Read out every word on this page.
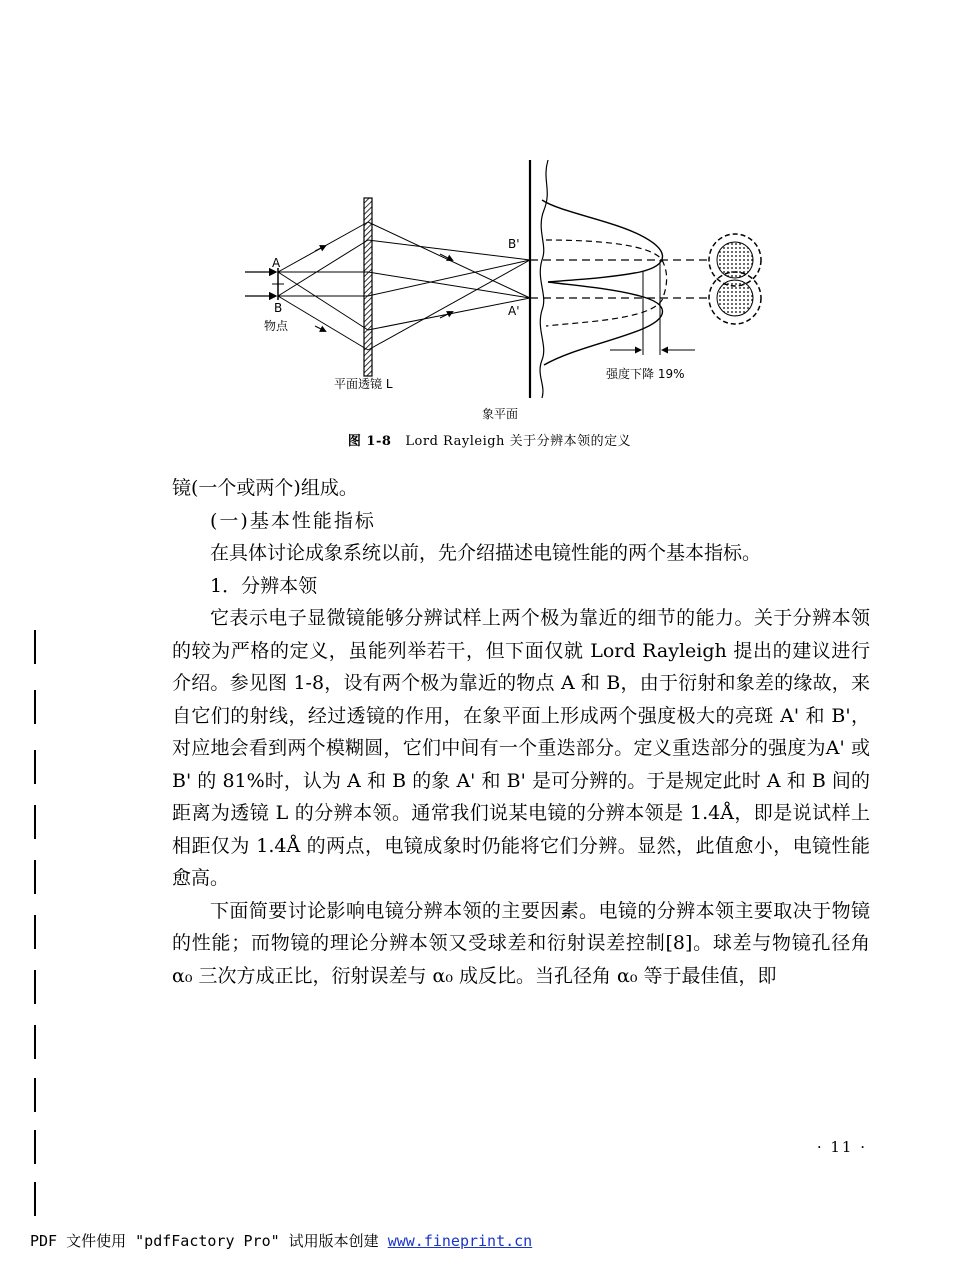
A
B
物点
B'
A'
平面透镜 L
象平面
强度下降 19%
图 1-8 Lord Rayleigh 关于分辨本领的定义

镜(一个或两个)组成。

(一)基本性能指标

在具体讨论成象系统以前，先介绍描述电镜性能的两个基本指标。

1．分辨本领

它表示电子显微镜能够分辨试样上两个极为靠近的细节的能力。关于分辨本领的较为严格的定义，虽能列举若干，但下面仅就 Lord Rayleigh 提出的建议进行介绍。参见图 1-8，设有两个极为靠近的物点 A 和 B，由于衍射和象差的缘故，来自它们的射线，经过透镜的作用，在象平面上形成两个强度极大的亮斑 A' 和 B'，对应地会看到两个模糊圆，它们中间有一个重迭部分。定义重迭部分的强度为A' 或 B' 的 81%时，认为 A 和 B 的象 A' 和 B' 是可分辨的。于是规定此时 A 和 B 间的距离为透镜 L 的分辨本领。通常我们说某电镜的分辨本领是 1.4Å，即是说试样上相距仅为 1.4Å 的两点，电镜成象时仍能将它们分辨。显然，此值愈小，电镜性能愈高。

下面简要讨论影响电镜分辨本领的主要因素。电镜的分辨本领主要取决于物镜的性能；而物镜的理论分辨本领又受球差和衍射误差控制[8]。球差与物镜孔径角 α₀ 三次方成正比，衍射误差与 α₀ 成反比。当孔径角 α₀ 等于最佳值，即

· 11 ·
PDF 文件使用 "pdfFactory Pro" 试用版本创建 www.fineprint.cn
